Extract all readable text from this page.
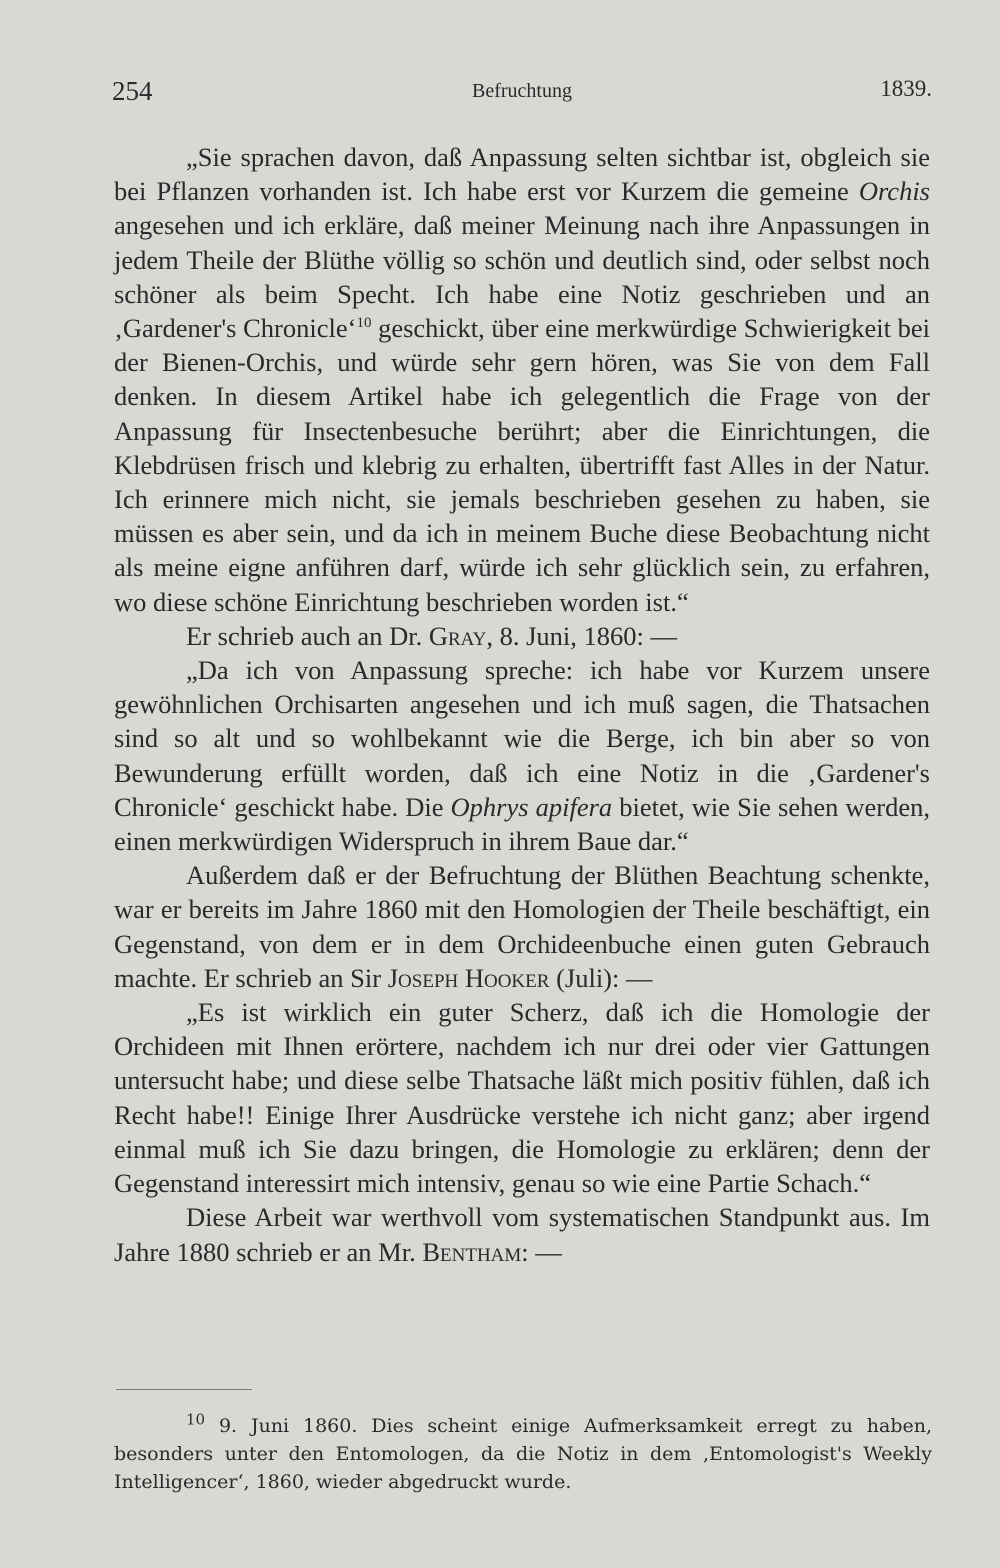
254	Befruchtung	1839.

„Sie sprachen davon, daß Anpassung selten sichtbar ist, obgleich sie bei Pflanzen vorhanden ist. Ich habe erst vor Kurzem die gemeine Orchis angesehen und ich erkläre, daß meiner Meinung nach ihre Anpassungen in jedem Theile der Blüthe völlig so schön und deutlich sind, oder selbst noch schöner als beim Specht. Ich habe eine Notiz geschrieben und an ‚Gardener's Chronicle‘$^{10}$ geschickt, über eine merkwürdige Schwierigkeit bei der Bienen-Orchis, und würde sehr gern hören, was Sie von dem Fall denken. In diesem Artikel habe ich gelegentlich die Frage von der Anpassung für Insectenbesuche berührt; aber die Einrichtungen, die Klebdrüsen frisch und klebrig zu erhalten, übertrifft fast Alles in der Natur. Ich erinnere mich nicht, sie jemals beschrieben gesehen zu haben, sie müssen es aber sein, und da ich in meinem Buche diese Beobachtung nicht als meine eigne anführen darf, würde ich sehr glücklich sein, zu erfahren, wo diese schöne Einrichtung beschrieben worden ist.“

Er schrieb auch an Dr. Gray, 8. Juni, 1860: —

„Da ich von Anpassung spreche: ich habe vor Kurzem unsere gewöhnlichen Orchisarten angesehen und ich muß sagen, die Thatsachen sind so alt und so wohlbekannt wie die Berge, ich bin aber so von Bewunderung erfüllt worden, daß ich eine Notiz in die ‚Gardener's Chronicle‘ geschickt habe. Die Ophrys apifera bietet, wie Sie sehen werden, einen merkwürdigen Widerspruch in ihrem Baue dar.“

Außerdem daß er der Befruchtung der Blüthen Beachtung schenkte, war er bereits im Jahre 1860 mit den Homologien der Theile beschäftigt, ein Gegenstand, von dem er in dem Orchideenbuche einen guten Gebrauch machte. Er schrieb an Sir Joseph Hooker (Juli): —

„Es ist wirklich ein guter Scherz, daß ich die Homologie der Orchideen mit Ihnen erörtere, nachdem ich nur drei oder vier Gattungen untersucht habe; und diese selbe Thatsache läßt mich positiv fühlen, daß ich Recht habe!! Einige Ihrer Ausdrücke verstehe ich nicht ganz; aber irgend einmal muß ich Sie dazu bringen, die Homologie zu erklären; denn der Gegenstand interessirt mich intensiv, genau so wie eine Partie Schach.“

Diese Arbeit war werthvoll vom systematischen Standpunkt aus. Im Jahre 1880 schrieb er an Mr. Bentham: —

$^{10}$ 9. Juni 1860. Dies scheint einige Aufmerksamkeit erregt zu haben, besonders unter den Entomologen, da die Notiz in dem ‚Entomologist's Weekly Intelligencer‘, 1860, wieder abgedruckt wurde.
